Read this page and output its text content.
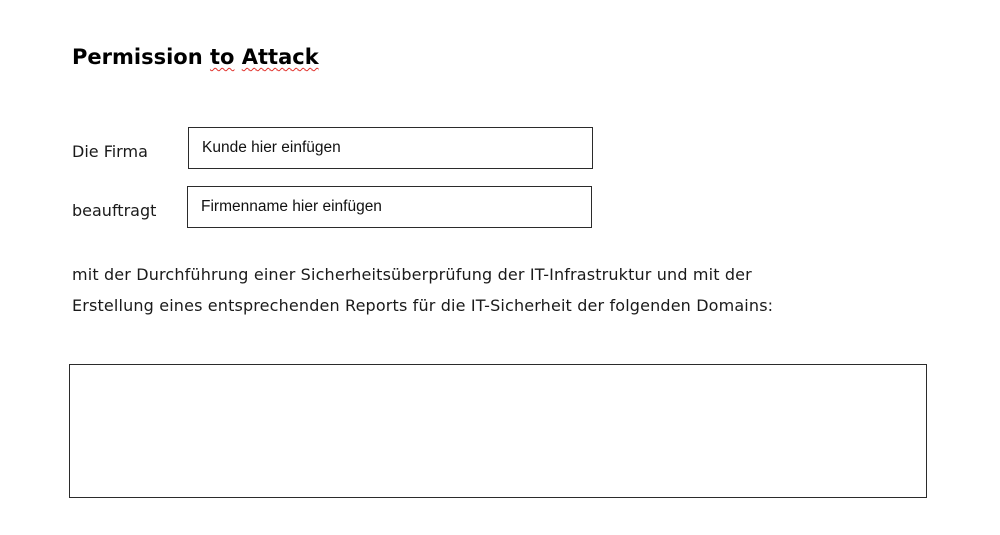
Permission to Attack
Die Firma	Kunde hier einfügen
beauftragt	Firmenname hier einfügen

mit der Durchführung einer Sicherheitsüberprüfung der IT-Infrastruktur und mit der
Erstellung eines entsprechenden Reports für die IT-Sicherheit der folgenden Domains:
